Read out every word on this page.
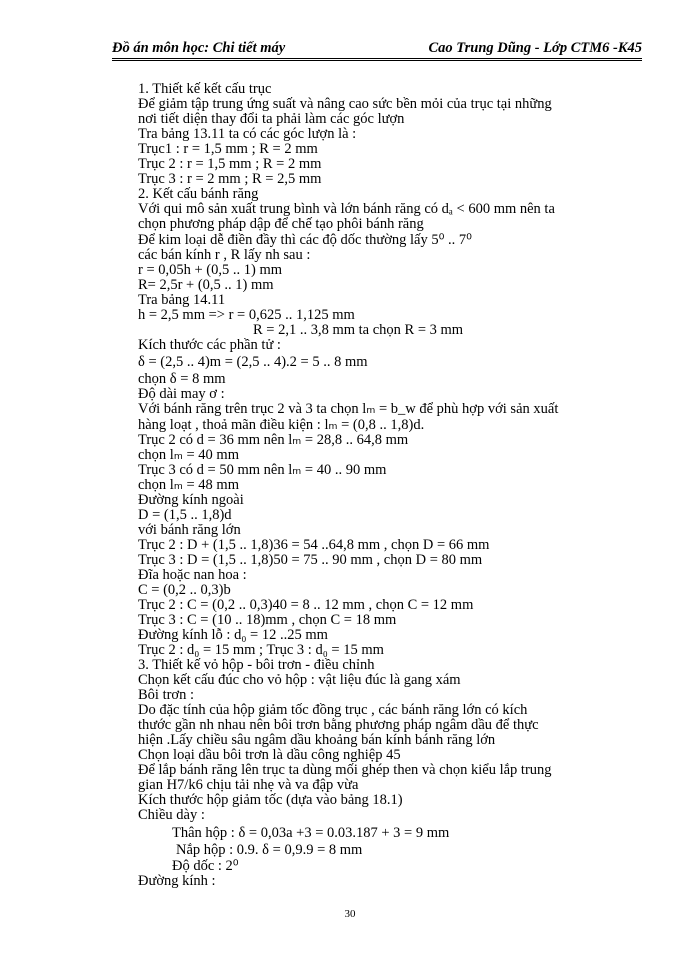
Đồ án môn học: Chi tiết máy	Cao Trung Dũng - Lớp CTM6 -K45
1. Thiết kế kết cấu trục
Để giảm tập trung ứng suất và nâng cao sức bền mỏi của trục tại những
nơi tiết diện thay đổi ta phải làm các góc lượn
Tra bảng 13.11 ta có các góc lượn là :
Trục1 : r = 1,5 mm ; R = 2 mm
Trục 2 : r = 1,5 mm ; R = 2 mm
Trục 3 : r = 2 mm ; R = 2,5 mm
2. Kết cấu bánh răng
Với qui mô sản xuất trung bình và lớn bánh răng có dₐ < 600 mm nên ta
chọn phương pháp dập để chế tạo phôi bánh răng
Để kim loại dễ điền đầy thì các độ dốc thường lấy 5⁰ .. 7⁰
các bán kính r , R lấy nh sau :
r = 0,05h + (0,5 .. 1) mm
R= 2,5r + (0,5 .. 1) mm
Tra bảng 14.11
h = 2,5 mm => r = 0,625 .. 1,125 mm
R = 2,1 .. 3,8 mm ta chọn R = 3 mm
Kích thước các phần tử :
δ = (2,5 .. 4)m = (2,5 .. 4).2 = 5 .. 8 mm
chọn δ = 8 mm
Độ dài may ơ :
Với bánh răng trên trục 2 và 3 ta chọn lₘ = b_w để phù hợp với sản xuất
hàng loạt , thoả mãn điều kiện : lₘ = (0,8 .. 1,8)d.
Trục 2 có d = 36 mm nên lₘ = 28,8 .. 64,8 mm
chọn lₘ = 40 mm
Trục 3 có d = 50 mm nên lₘ = 40 .. 90 mm
chọn lₘ = 48 mm
Đường kính ngoài
D = (1,5 .. 1,8)d
với bánh răng lớn
Trục 2 : D + (1,5 .. 1,8)36 = 54 ..64,8 mm , chọn D = 66 mm
Trục 3 : D = (1,5 .. 1,8)50 = 75 .. 90 mm , chọn D = 80 mm
Đĩa hoặc nan hoa :
C = (0,2 .. 0,3)b
Trục 2 : C = (0,2 .. 0,3)40 = 8 .. 12 mm , chọn C = 12 mm
Trục 3 : C = (10 .. 18)mm , chọn C = 18 mm
Đường kính lỗ : d₀ = 12 ..25 mm
Trục 2 : d₀ = 15 mm ; Trục 3 : d₀ = 15 mm
3. Thiết kế vỏ hộp - bôi trơn - điều chỉnh
Chọn kết cấu đúc cho vỏ hộp : vật liệu đúc là gang xám
Bôi trơn :
Do đặc tính của hộp giảm tốc đồng trục , các bánh răng lớn có kích
thước gần nh nhau nên bôi trơn bằng phương pháp ngâm dầu để thực
hiện .Lấy chiều sâu ngâm dầu khoảng bán kính bánh răng lớn
Chọn loại dầu bôi trơn là dầu công nghiệp 45
Để lắp bánh răng lên trục ta dùng mối ghép then và chọn kiểu lắp trung
gian H7/k6 chịu tải nhẹ và va đập vừa
Kích thước hộp giảm tốc (dựa vào bảng 18.1)
Chiều dày :
Thân hộp : δ = 0,03a +3 = 0.03.187 + 3 = 9 mm
Nắp hộp : 0.9. δ = 0,9.9 = 8 mm
Độ dốc : 2⁰
Đường kính :
30
